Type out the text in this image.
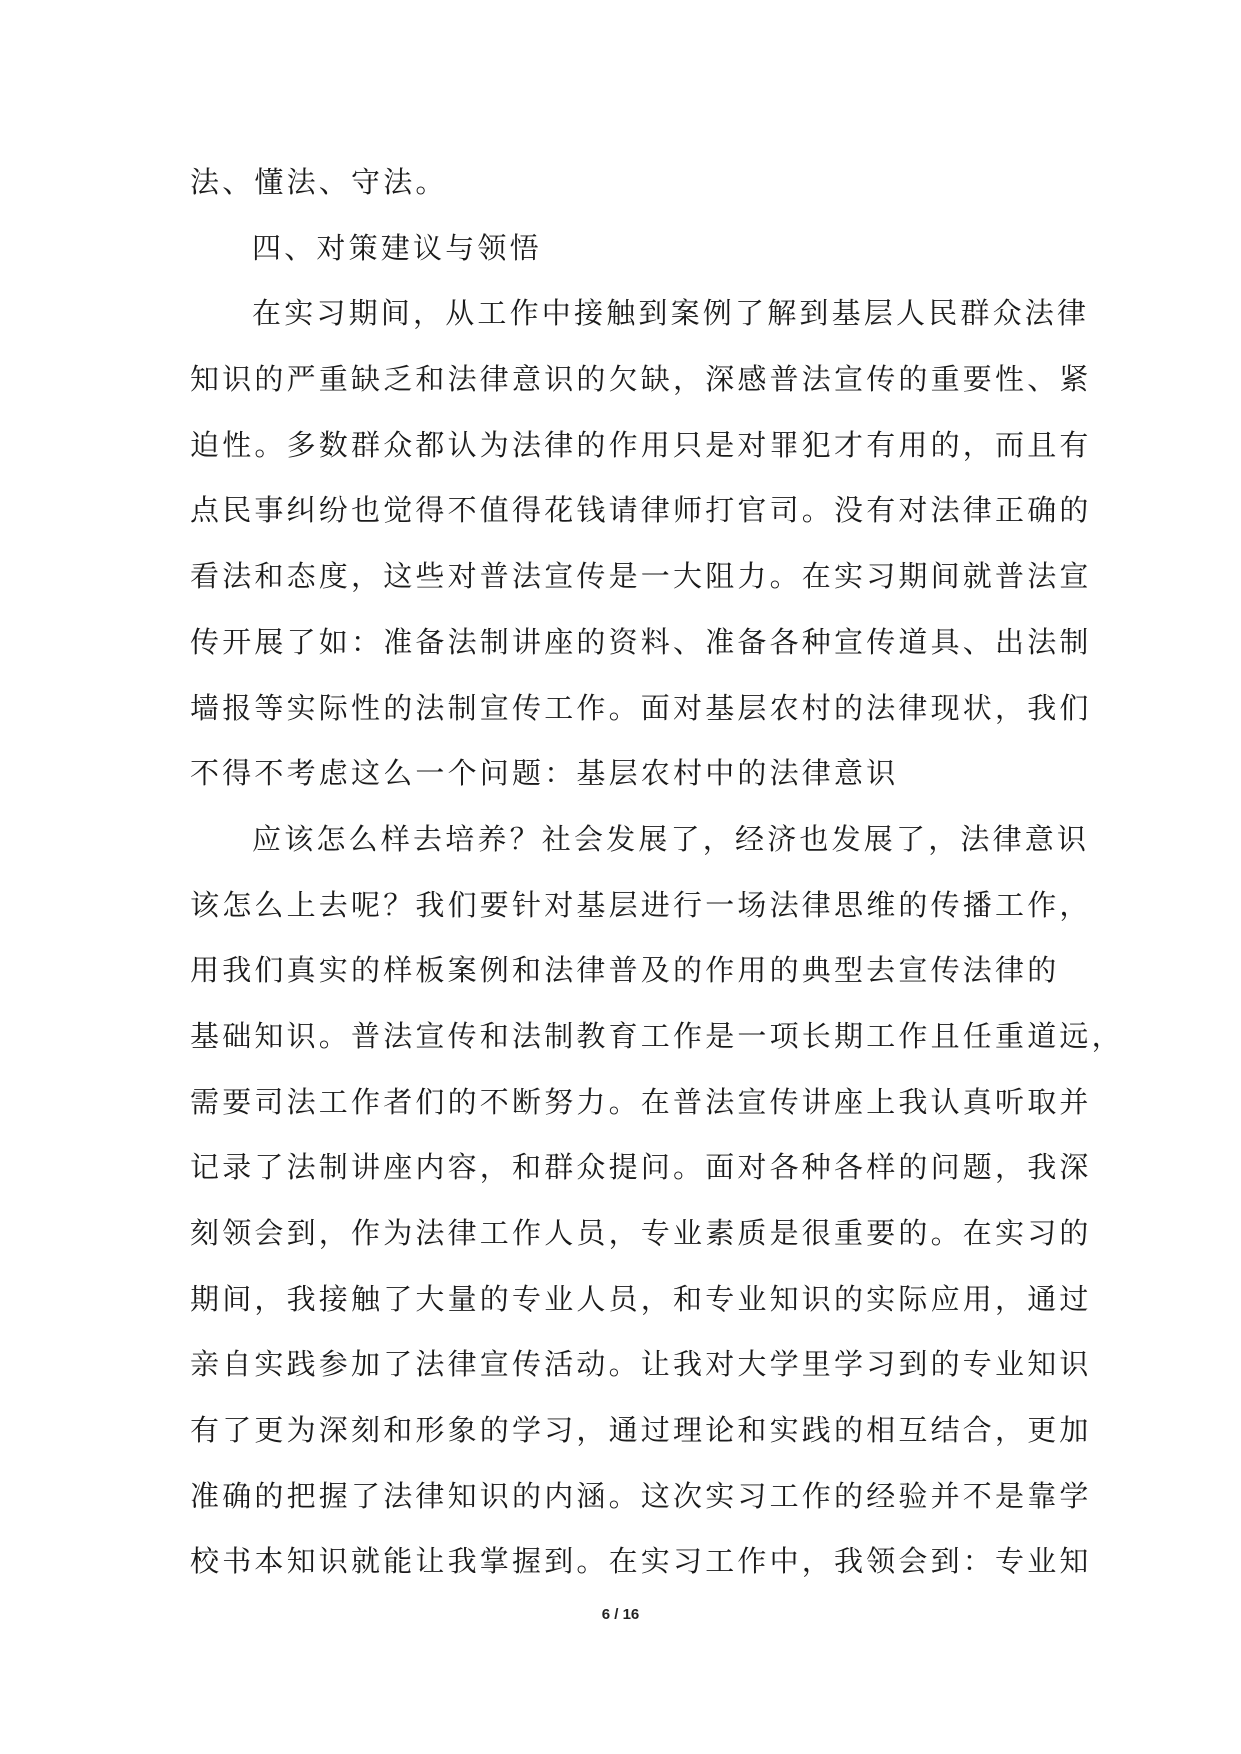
法、懂法、守法。
四、对策建议与领悟
在实习期间，从工作中接触到案例了解到基层人民群众法律
知识的严重缺乏和法律意识的欠缺，深感普法宣传的重要性、紧
迫性。多数群众都认为法律的作用只是对罪犯才有用的，而且有
点民事纠纷也觉得不值得花钱请律师打官司。没有对法律正确的
看法和态度，这些对普法宣传是一大阻力。在实习期间就普法宣
传开展了如：准备法制讲座的资料、准备各种宣传道具、出法制
墙报等实际性的法制宣传工作。面对基层农村的法律现状，我们
不得不考虑这么一个问题：基层农村中的法律意识
应该怎么样去培养？社会发展了，经济也发展了，法律意识
该怎么上去呢？我们要针对基层进行一场法律思维的传播工作，
用我们真实的样板案例和法律普及的作用的典型去宣传法律的
基础知识。普法宣传和法制教育工作是一项长期工作且任重道远，
需要司法工作者们的不断努力。在普法宣传讲座上我认真听取并
记录了法制讲座内容，和群众提问。面对各种各样的问题，我深
刻领会到，作为法律工作人员，专业素质是很重要的。在实习的
期间，我接触了大量的专业人员，和专业知识的实际应用，通过
亲自实践参加了法律宣传活动。让我对大学里学习到的专业知识
有了更为深刻和形象的学习，通过理论和实践的相互结合，更加
准确的把握了法律知识的内涵。这次实习工作的经验并不是靠学
校书本知识就能让我掌握到。在实习工作中，我领会到：专业知
6 / 16
